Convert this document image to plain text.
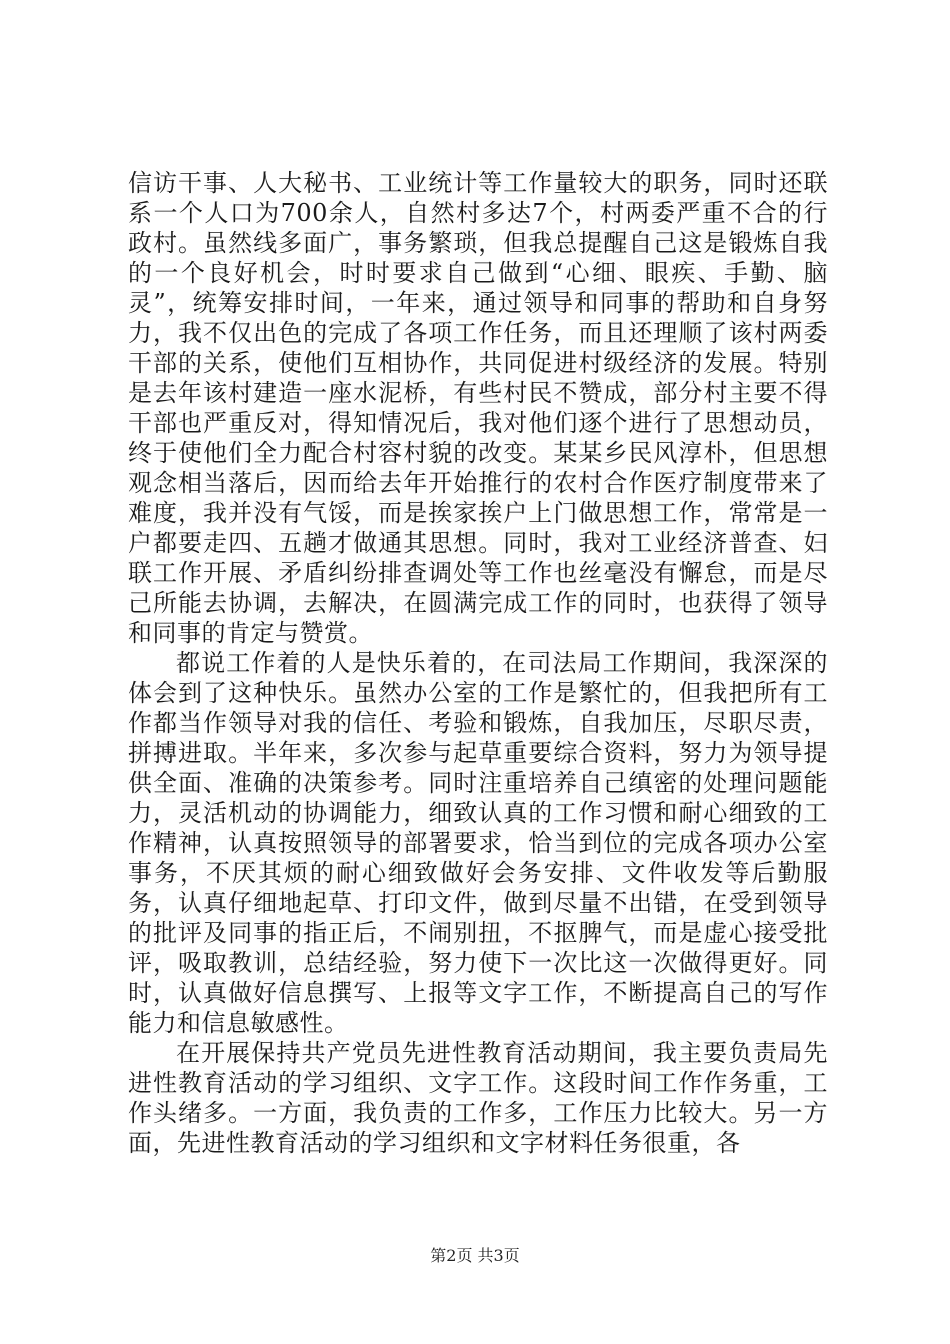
信访干事、人大秘书、工业统计等工作量较大的职务，同时还联系一个人口为700余人，自然村多达7个，村两委严重不合的行政村。虽然线多面广，事务繁琐，但我总提醒自己这是锻炼自我的一个良好机会，时时要求自己做到“心细、眼疾、手勤、脑灵”，统筹安排时间，一年来，通过领导和同事的帮助和自身努力，我不仅出色的完成了各项工作任务，而且还理顺了该村两委干部的关系，使他们互相协作，共同促进村级经济的发展。特别是去年该村建造一座水泥桥，有些村民不赞成，部分村主要不得干部也严重反对，得知情况后，我对他们逐个进行了思想动员，终于使他们全力配合村容村貌的改变。某某乡民风淳朴，但思想观念相当落后，因而给去年开始推行的农村合作医疗制度带来了难度，我并没有气馁，而是挨家挨户上门做思想工作，常常是一户都要走四、五趟才做通其思想。同时，我对工业经济普查、妇联工作开展、矛盾纠纷排查调处等工作也丝毫没有懈怠，而是尽己所能去协调，去解决，在圆满完成工作的同时，也获得了领导和同事的肯定与赞赏。

都说工作着的人是快乐着的，在司法局工作期间，我深深的体会到了这种快乐。虽然办公室的工作是繁忙的，但我把所有工作都当作领导对我的信任、考验和锻炼，自我加压，尽职尽责，拼搏进取。半年来，多次参与起草重要综合资料，努力为领导提供全面、准确的决策参考。同时注重培养自己缜密的处理问题能力，灵活机动的协调能力，细致认真的工作习惯和耐心细致的工作精神，认真按照领导的部署要求，恰当到位的完成各项办公室事务，不厌其烦的耐心细致做好会务安排、文件收发等后勤服务，认真仔细地起草、打印文件，做到尽量不出错，在受到领导的批评及同事的指正后，不闹别扭，不抠脾气，而是虚心接受批评，吸取教训，总结经验，努力使下一次比这一次做得更好。同时，认真做好信息撰写、上报等文字工作，不断提高自己的写作能力和信息敏感性。

在开展保持共产党员先进性教育活动期间，我主要负责局先进性教育活动的学习组织、文字工作。这段时间工作作务重，工作头绪多。一方面，我负责的工作多，工作压力比较大。另一方面，先进性教育活动的学习组织和文字材料任务很重，各

第2页 共3页
